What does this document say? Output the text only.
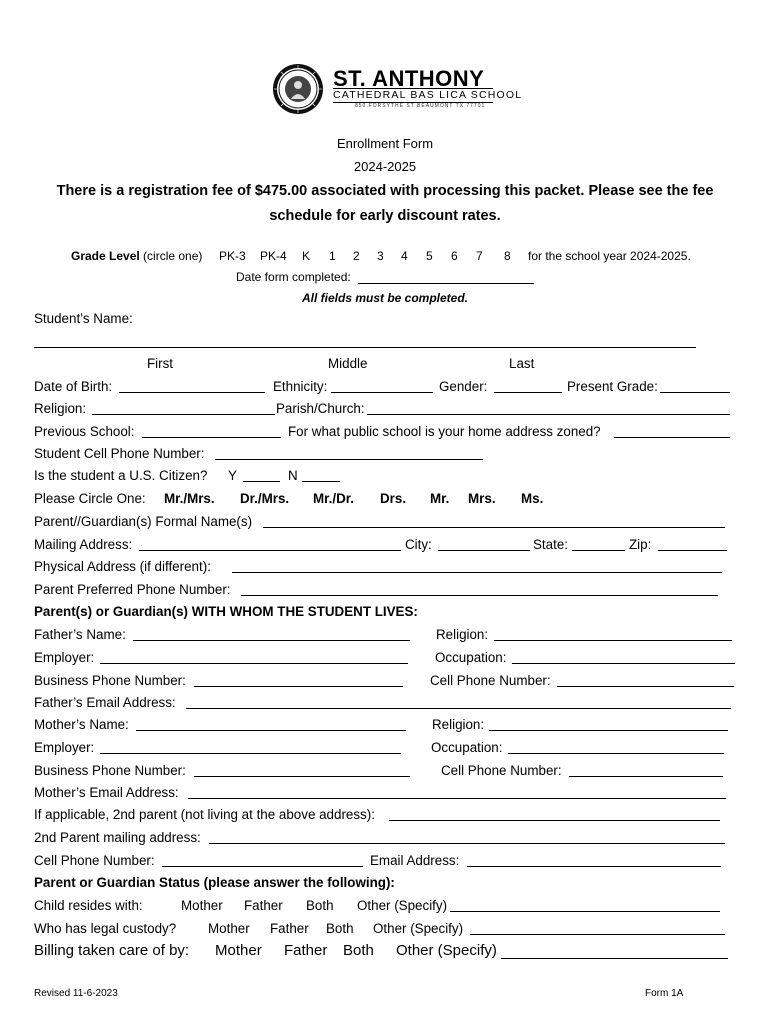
ST. ANTHONY
CATHEDRAL BAS LICA SCHOOL
850 FORSYTHE ST BEAUMONT TX 77701
Enrollment Form
2024-2025
There is a registration fee of $475.00 associated with processing this packet. Please see the fee
schedule for early discount rates.
Grade Level (circle one) PK-3 PK-4 K 1 2 3 4 5 6 7 8 for the school year 2024-2025.
Date form completed:
All fields must be completed.
Student’s Name:
First	Middle	Last
Date of Birth:	Ethnicity:	Gender:	Present Grade:
Religion:	Parish/Church:
Previous School:	For what public school is your home address zoned?
Student Cell Phone Number:
Is the student a U.S. Citizen? Y	N
Please Circle One: Mr./Mrs. Dr./Mrs. Mr./Dr. Drs. Mr. Mrs. Ms.
Parent//Guardian(s) Formal Name(s)
Mailing Address:	City:	State:	Zip:
Physical Address (if different):
Parent Preferred Phone Number:
Parent(s) or Guardian(s) WITH WHOM THE STUDENT LIVES:
Father’s Name:	Religion:
Employer:	Occupation:
Business Phone Number:	Cell Phone Number:
Father’s Email Address:
Mother’s Name:	Religion:
Employer:	Occupation:
Business Phone Number:	Cell Phone Number:
Mother’s Email Address:
If applicable, 2nd parent (not living at the above address):
2nd Parent mailing address:
Cell Phone Number:	Email Address:
Parent or Guardian Status (please answer the following):
Child resides with:	Mother Father Both Other (Specify)
Who has legal custody? Mother Father Both Other (Specify)
Billing taken care of by: Mother Father Both Other (Specify)
Revised 11-6-2023	Form 1A
